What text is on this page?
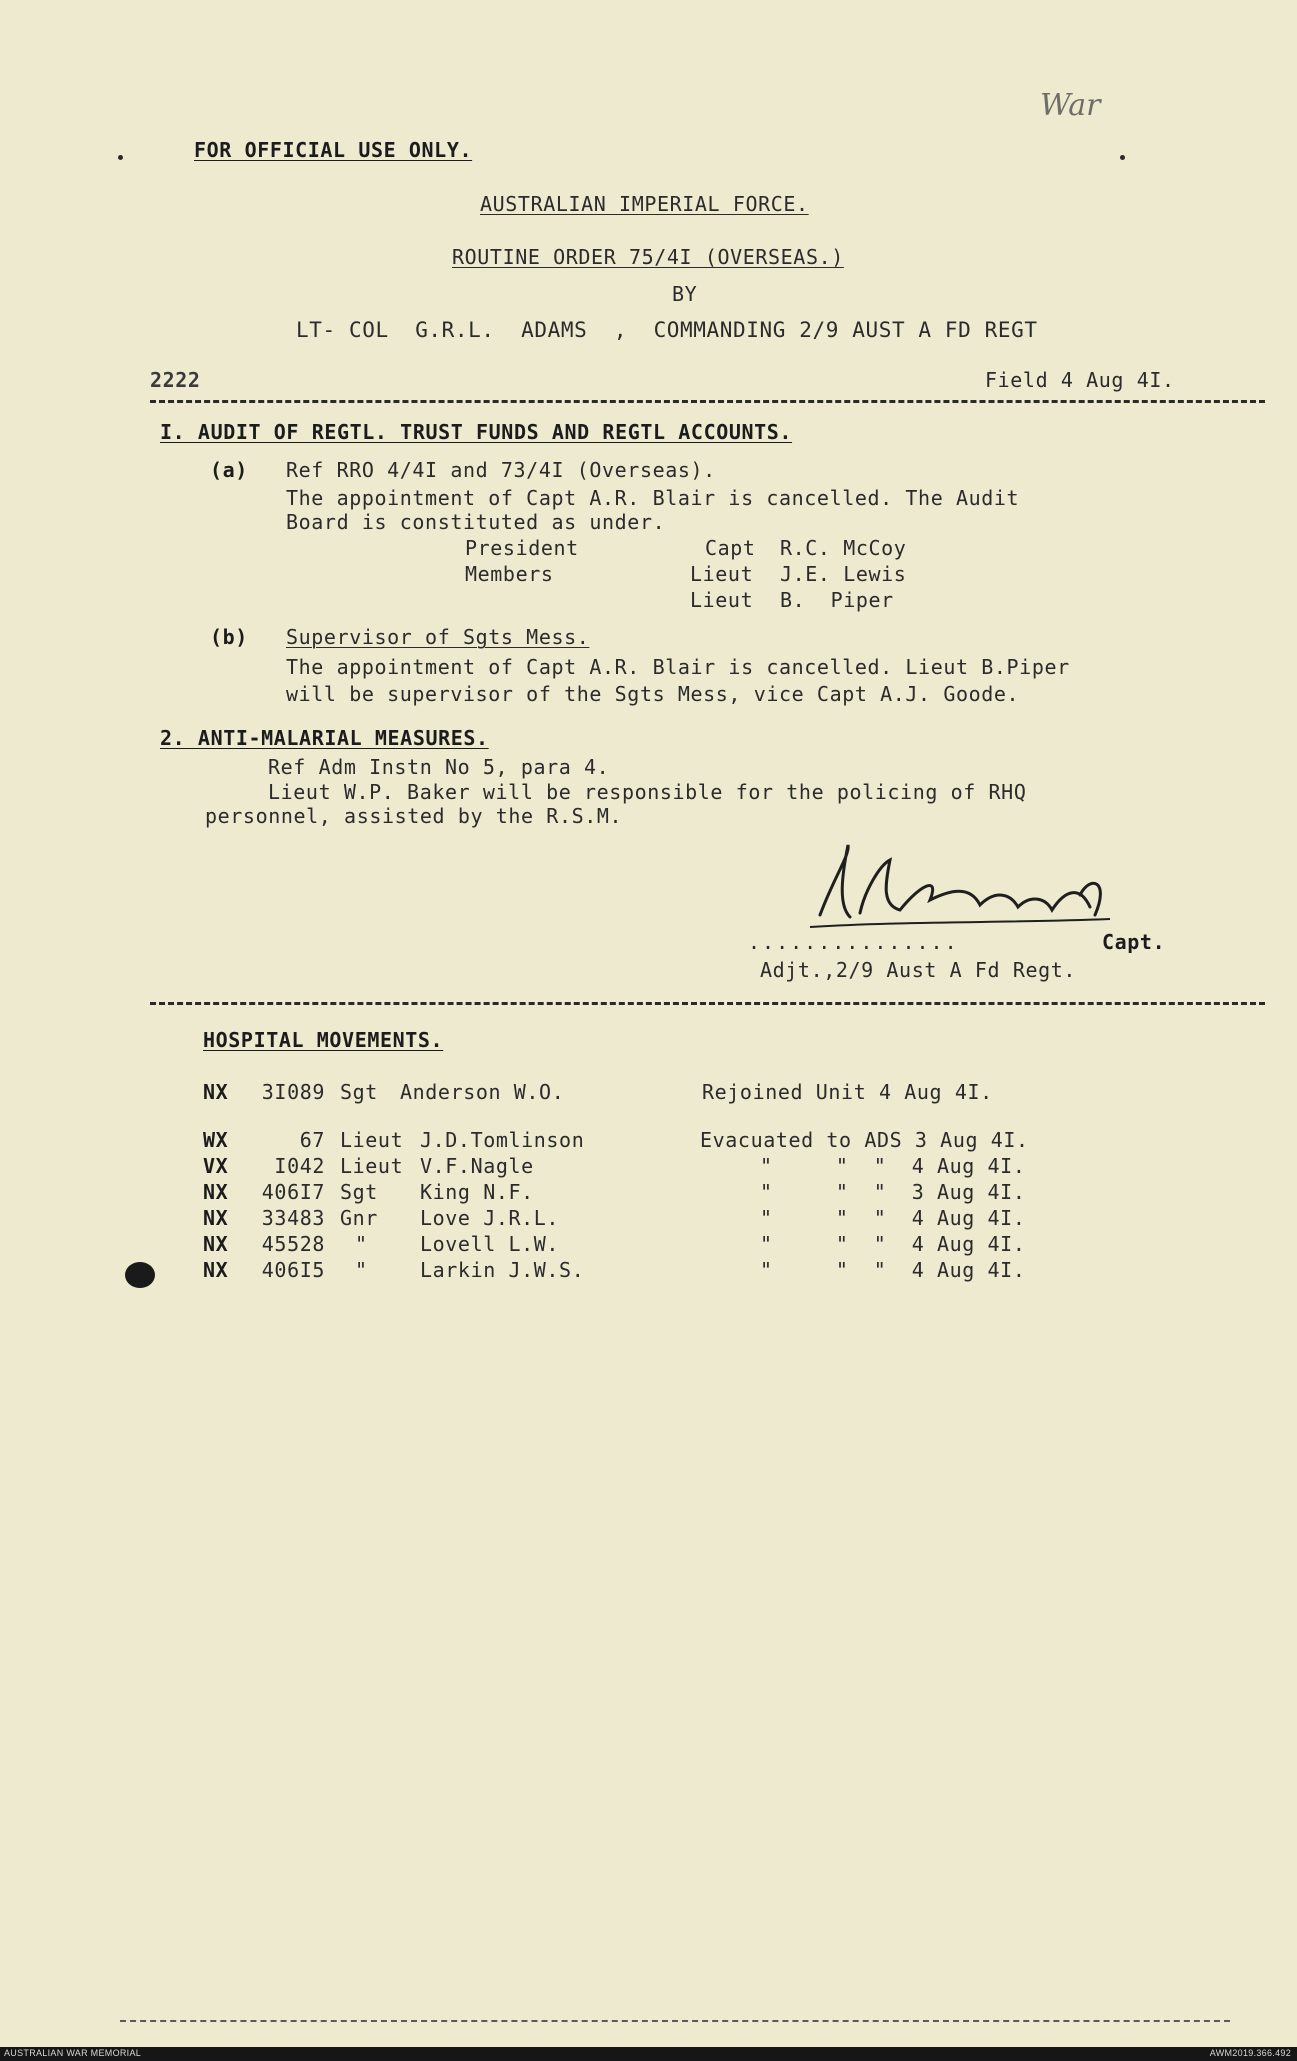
War
FOR OFFICIAL USE ONLY.
AUSTRALIAN IMPERIAL FORCE.
ROUTINE ORDER 75/4I (OVERSEAS.)
BY
LT- COL  G.R.L.  ADAMS  ,  COMMANDING 2/9 AUST A FD REGT
2222	Field 4 Aug 4I.
I. AUDIT OF REGTL. TRUST FUNDS AND REGTL ACCOUNTS.
(a) Ref RRO 4/4I and 73/4I (Overseas).
The appointment of Capt A.R. Blair is cancelled. The Audit
Board is constituted as under.
President	Capt R.C. McCoy
Members	Lieut J.E. Lewis
Lieut B.  Piper
(b) Supervisor of Sgts Mess.
The appointment of Capt A.R. Blair is cancelled. Lieut B.Piper
will be supervisor of the Sgts Mess, vice Capt A.J. Goode.
2. ANTI-MALARIAL MEASURES.
Ref Adm Instn No 5, para 4.
Lieut W.P. Baker will be responsible for the policing of RHQ
personnel, assisted by the R.S.M.
...............	Capt.
Adjt.,2/9 Aust A Fd Regt.
HOSPITAL MOVEMENTS.
NX	3I089 Sgt Anderson W.O.	Rejoined Unit 4 Aug 4I.
WX	67 Lieut J.D.Tomlinson	Evacuated to ADS 3 Aug 4I.
VX	I042 Lieut V.F.Nagle	"     "  "  4 Aug 4I.
NX	406I7 Sgt King N.F.	"     "  "  3 Aug 4I.
NX	33483 Gnr Love J.R.L.	"     "  "  4 Aug 4I.
NX	45528 "	Lovell L.W.	"     "  "  4 Aug 4I.
NX	406I5 "	Larkin J.W.S.	"     "  "  4 Aug 4I.
AUSTRALIAN WAR MEMORIAL	AWM2019.366.492
